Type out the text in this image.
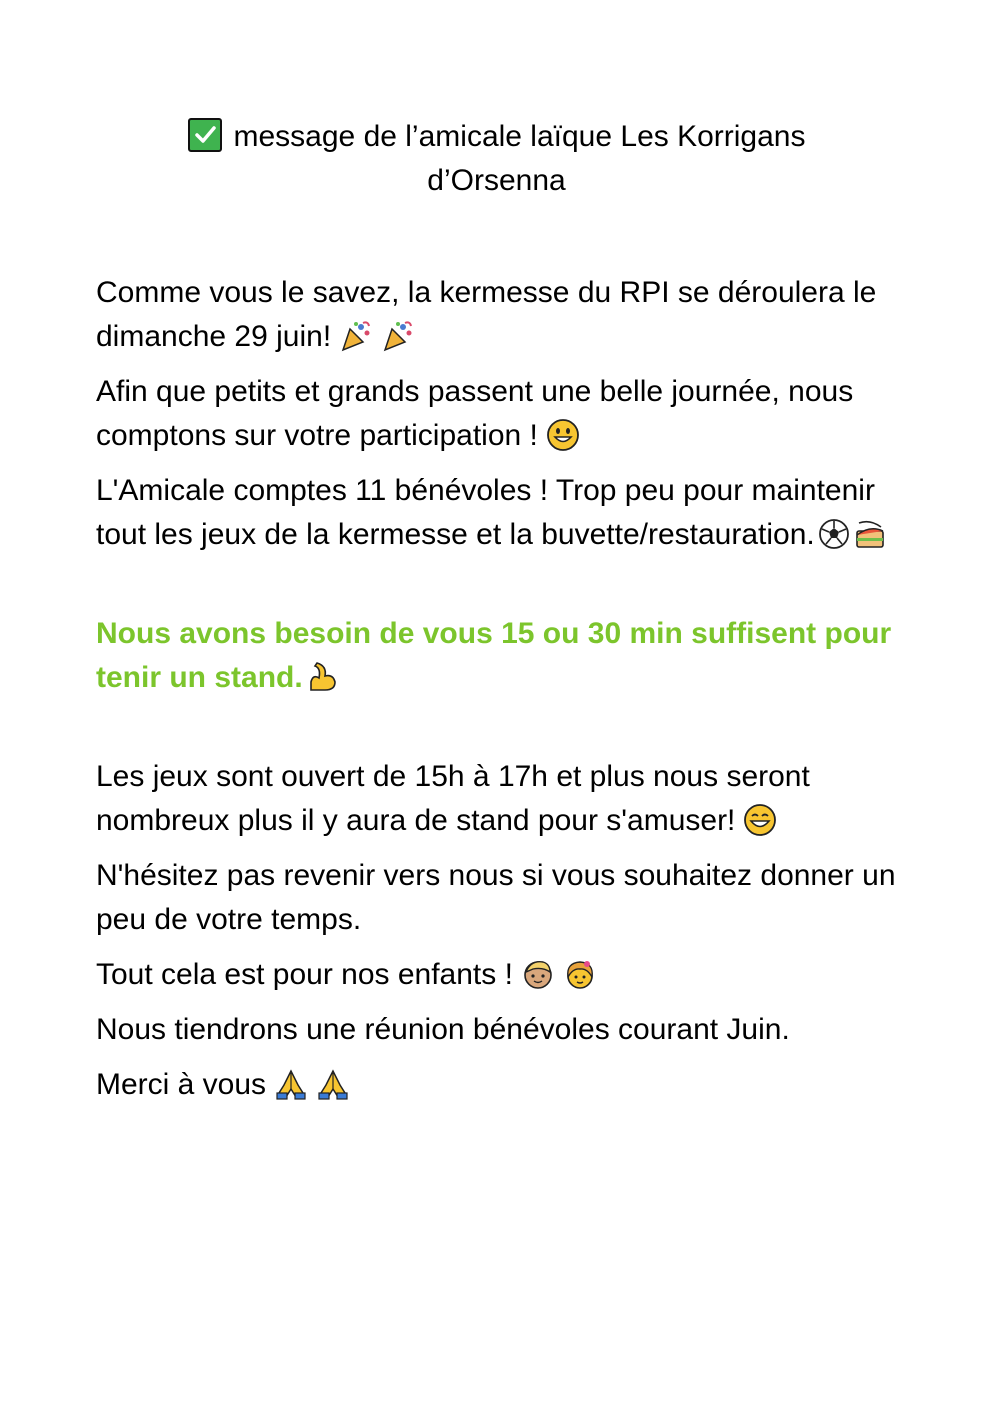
message de l’amicale laïque Les Korrigans
d’Orsenna

Comme vous le savez, la kermesse du RPI se déroulera le dimanche 29 juin!

Afin que petits et grands passent une belle journée, nous comptons sur votre participation !

L'Amicale comptes 11 bénévoles ! Trop peu pour maintenir tout les jeux de la kermesse et la buvette/restauration.

Nous avons besoin de vous 15 ou 30 min suffisent pour tenir un stand.

Les jeux sont ouvert de 15h à 17h et plus nous seront nombreux plus il y aura de stand pour s'amuser!

N'hésitez pas revenir vers nous si vous souhaitez donner un peu de votre temps.

Tout cela est pour nos enfants !

Nous tiendrons une réunion bénévoles courant Juin.

Merci à vous
